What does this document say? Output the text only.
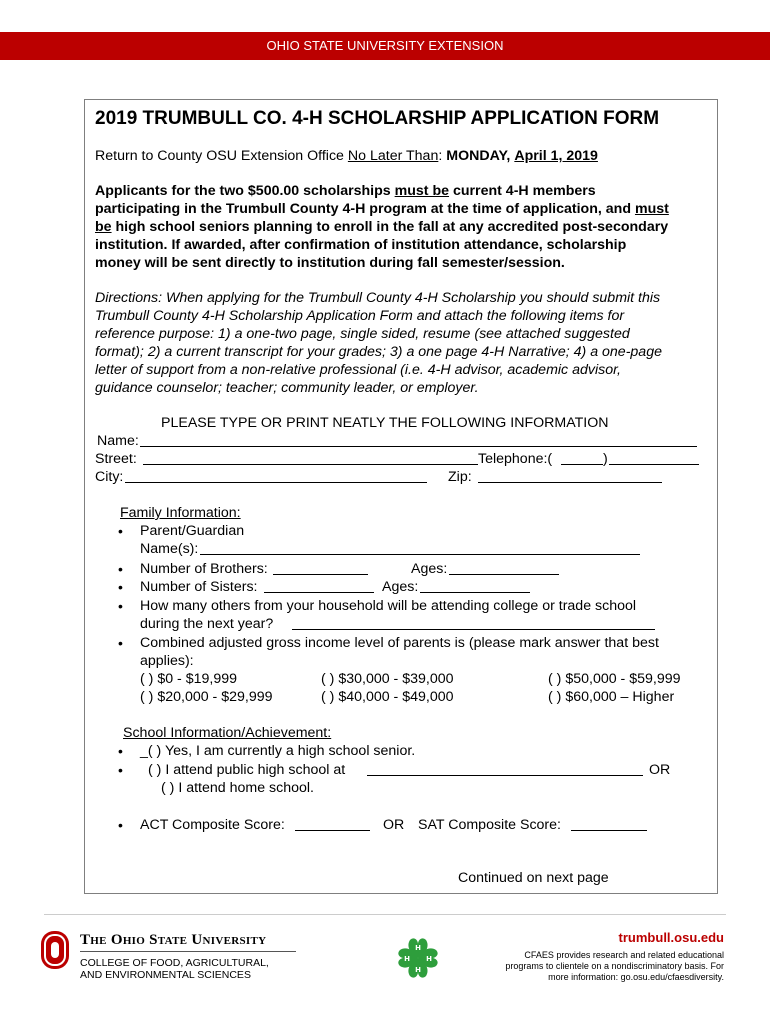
OHIO STATE UNIVERSITY EXTENSION
2019 TRUMBULL CO. 4-H SCHOLARSHIP APPLICATION FORM
Return to County OSU Extension Office No Later Than: MONDAY, April 1, 2019
Applicants for the two $500.00 scholarships must be current 4-H members
participating in the Trumbull County 4-H program at the time of application, and must
be high school seniors planning to enroll in the fall at any accredited post-secondary
institution. If awarded, after confirmation of institution attendance, scholarship
money will be sent directly to institution during fall semester/session.
Directions: When applying for the Trumbull County 4-H Scholarship you should submit this
Trumbull County 4-H Scholarship Application Form and attach the following items for
reference purpose: 1) a one-two page, single sided, resume (see attached suggested
format); 2) a current transcript for your grades; 3) a one page 4-H Narrative; 4) a one-page
letter of support from a non-relative professional (i.e. 4-H advisor, academic advisor,
guidance counselor; teacher; community leader, or employer.
PLEASE TYPE OR PRINT NEATLY THE FOLLOWING INFORMATION
Name:
Street:	Telephone:(	)
City:	Zip:
Family Information:
• Parent/Guardian
Name(s):
• Number of Brothers:	Ages:
• Number of Sisters:	Ages:
• How many others from your household will be attending college or trade school
during the next year?
• Combined adjusted gross income level of parents is (please mark answer that best
applies):
( ) $0 - $19,999	( ) $30,000 - $39,000	( ) $50,000 - $59,999
( ) $20,000 - $29,999	( ) $40,000 - $49,000	( ) $60,000 – Higher
School Information/Achievement:
• _( ) Yes, I am currently a high school senior.
• ( ) I attend public high school at	OR
( ) I attend home school.
• ACT Composite Score:	OR SAT Composite Score:
Continued on next page
The Ohio State University
COLLEGE OF FOOD, AGRICULTURAL,
AND ENVIRONMENTAL SCIENCES
H
H
H
H
trumbull.osu.edu
CFAES provides research and related educational
programs to clientele on a nondiscriminatory basis. For
more information: go.osu.edu/cfaesdiversity.
